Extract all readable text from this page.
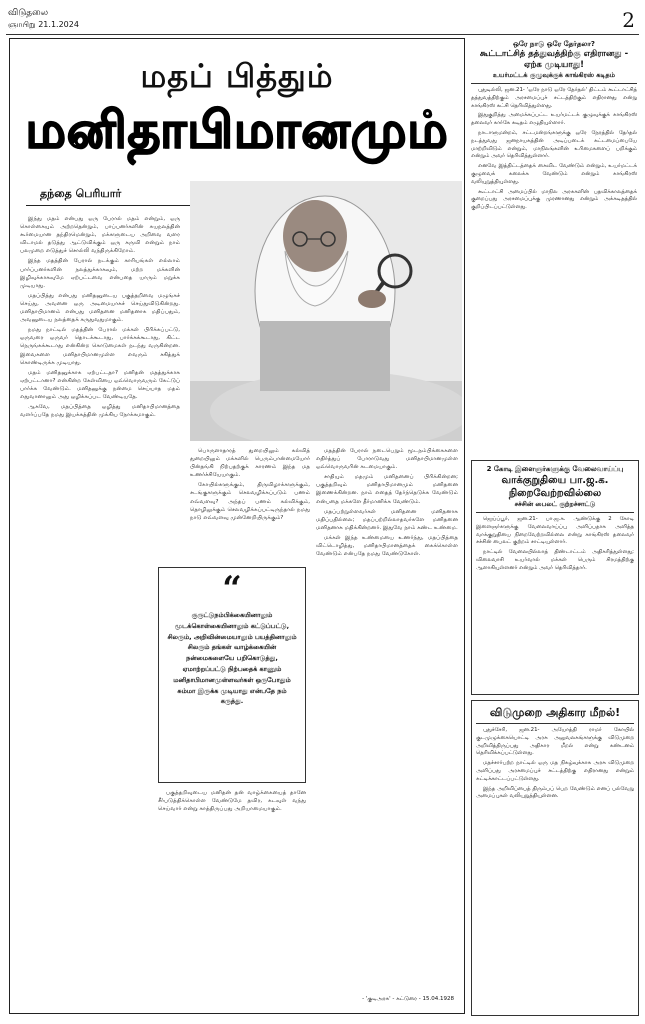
விடுதலை
ஞாயிறு 21.1.2024	2
மதப் பித்தும்
மனிதாபிமானமும்
தந்தை பெரியார்

இந்து மதம் என்பது ஒரு பேரால் மதம் என்றும், ஒரு கொள்கையும் அற்றதென்றும், பாப்பனர்களின் சுயநலத்தின் கூர்மையான தந்திரமென்றும், மக்களுடைய அறிவை வளர விடாமல் தடுத்து ஆட்டுவிக்கும் ஒரு கருவி என்றும் நாம் பலமுறை எடுத்துச் சொல்லி வந்திருக்கிறோம்.

இந்த மதத்தின் பேரால் நடக்கும் காரியங்கள் எல்லாம் பார்ப்பனர்களின் நலத்துக்காகவும், மற்ற மக்களின் இழிவுக்காகவுமே ஏற்பட்டவை என்பதை யாரும் மறுக்க முடியாது.

மதப்பித்து என்பது மனிதனுடைய பகுத்தறிவை மழுங்கச் செய்து, அவனை ஒரு அடிமையாகச் செய்துவிடுகின்றது. மனிதாபிமானம் என்பது மனிதனை மனிதனாக மதிப்பதும், அவனுடைய நலத்தைக் கருதுவதுமாகும்.

நமது நாட்டில் மதத்தின் பேரால் மக்கள் பிரிக்கப்பட்டு, ஒருவரை ஒருவர் தொடக்கூடாது, பார்க்கக்கூடாது, கிட்ட நெருங்கக்கூடாது என்கின்ற கொடுமைகள் நடந்து வருகின்றன. இவைகளை மனிதாபிமானமுள்ள எவரும் சகித்துக் கொண்டிருக்க முடியாது.

மதம் மனிதனுக்காக ஏற்பட்டதா? மனிதன் மதத்துக்காக ஏற்பட்டானா? என்கின்ற கேள்வியை ஒவ்வொருவரும் கேட்டுப் பார்க்க வேண்டும். மனிதனுக்கு நன்மை செய்யாத மதம் எதுவானாலும் அது ஒழிக்கப்பட வேண்டியதே.

ஆகவே, மதப்பித்தை ஒழித்து மனிதாபிமானத்தை வளர்ப்பதே நமது இயக்கத்தின் முக்கிய நோக்கமாகும்.

பொருளாதாரத் துறையிலும் கல்வித் துறையிலும் மக்களில் பெரும்பான்மையோர் பின்தங்கி நிற்பதற்குக் காரணம் இந்த மத உணர்ச்சியேயாகும்.

கோயில்களுக்கும், திருவிழாக்களுக்கும், சடங்குகளுக்கும் செலவழிக்கப்படும் பணம் எவ்வளவு? அந்தப் பணம் கல்விக்கும், தொழிலுக்கும் செலவழிக்கப்பட்டிருந்தால் நமது நாடு எவ்வளவு முன்னேறியிருக்கும்?

பகுத்தறிவுடைய மனிதன் தன் வாழ்க்கையைத் தானே சீர்படுத்திக்கொள்ள வேண்டுமே தவிர, கடவுள் வந்து செய்வார் என்று காத்திருப்பது அறியாமையாகும்.

மதத்தின் பேரால் நடைபெறும் மூடநம்பிக்கைகளை எதிர்த்துப் போராடுவது மனிதாபிமானமுள்ள ஒவ்வொருவரின் கடமையாகும்.

சாதியும் மதமும் மனிதனைப் பிரிக்கின்றன; பகுத்தறிவும் மனிதாபிமானமும் மனிதனை இணைக்கின்றன. நாம் எதைத் தேர்ந்தெடுக்க வேண்டும் என்பதை மக்களே தீர்மானிக்க வேண்டும்.

மதப்பற்றுள்ளவர்கள் மனிதனை மனிதனாக மதிப்பதில்லை; மதப்பற்றில்லாதவர்களே மனிதனை மனிதனாக மதிக்கின்றனர். இதுவே நாம் கண்ட உண்மை.

மக்கள் இந்த உண்மையை உணர்ந்து, மதப்பித்தை விட்டொழித்து, மனிதாபிமானத்தைக் கைக்கொள்ள வேண்டும் என்பதே நமது வேண்டுகோள்.

“
குருட்டுநம்பிக்கையினாலும் மூடக்கொள்கையினாலும் கட்டுப்பட்டு, சிலரும், அறிவின்மையாலும் பயத்தினாலும் சிலரும் தங்கள் வாழ்க்கையின் நன்மைகளையே பறிகொடுத்து, ஏமாற்றப்பட்டு நிற்பதைக் காணும் மனிதாபிமானமுள்ளவர்கள் ஒருபோதும் சும்மா இருக்க முடியாது என்பதே நம் கருத்து.
- 'குடிஅரசு' - கட்டுரை - 15.04.1928
ஒரே நாடு ஒரே தேர்தலா?
கூட்டாட்சித் தத்துவத்திற்கு எதிரானது - ஏற்க முடியாது!
உயர்மட்டக் குழுவுக்குக் காங்கிரஸ் கடிதம்

புதுடில்லி, ஜன.21- 'ஒரே நாடு ஒரே தேர்தல்' திட்டம் கூட்டாட்சித் தத்துவத்திற்கும் அரசமைப்புச் சட்டத்திற்கும் எதிரானது என்று காங்கிரஸ் கட்சி தெரிவித்துள்ளது.

இதுகுறித்து அமைக்கப்பட்ட உயர்மட்டக் குழுவுக்குக் காங்கிரஸ் தலைவர் கார்கே கடிதம் எழுதியுள்ளார்.

நாடாளுமன்றம், சட்டமன்றங்களுக்கு ஒரே நேரத்தில் தேர்தல் நடத்துவது ஜனநாயகத்தின் அடிப்படைக் கட்டமைப்பையே மாற்றிவிடும் என்றும், மாநிலங்களின் உரிமைகளைப் பறிக்கும் என்றும் அவர் தெரிவித்துள்ளார்.

எனவே இத்திட்டத்தைக் கைவிட வேண்டும் என்றும், உயர்மட்டக் குழுவைக் கலைக்க வேண்டும் என்றும் காங்கிரஸ் வலியுறுத்தியுள்ளது.

கூட்டாட்சி அமைப்பில் மாநில அரசுகளின் பதவிக்காலத்தைக் குறைப்பது அரசமைப்புக்கு முரணானது என்றும் அக்கடிதத்தில் குறிப்பிடப்பட்டுள்ளது.

2 கோடி இளைஞர்களுக்கு வேலைவாய்ப்பு
வாக்குறுதியை பா.ஜ.க. நிறைவேற்றவில்லை
சச்சின் பைலட் குற்றச்சாட்டு

ஜெய்ப்பூர், ஜன.21- பா.ஜ.க. ஆண்டுக்கு 2 கோடி இளைஞர்களுக்கு வேலைவாய்ப்பு அளிப்பதாக அளித்த வாக்குறுதியை நிறைவேற்றவில்லை என்று காங்கிரஸ் தலைவர் சச்சின் பைலட் குற்றம் சாட்டியுள்ளார்.

நாட்டில் வேலையில்லாத் திண்டாட்டம் அதிகரித்துள்ளது; விலைவாசி உயர்வால் மக்கள் பெரும் சிரமத்திற்கு ஆளாகியுள்ளனர் என்றும் அவர் தெரிவித்தார்.

விடுமுறை அதிகார மீறல்!

புதுச்சேரி, ஜன.21- அயோத்தி ராமர் கோயில் குடமுழுக்கையொட்டி அரசு அலுவலகங்களுக்கு விடுமுறை அறிவித்திருப்பது அதிகார மீறல் என்று கண்டனம் தெரிவிக்கப்பட்டுள்ளது.

மதச்சார்பற்ற நாட்டில் ஒரு மத நிகழ்வுக்காக அரசு விடுமுறை அளிப்பது அரசமைப்புச் சட்டத்திற்கு எதிரானது என்றும் சுட்டிக்காட்டப்பட்டுள்ளது.

இந்த அறிவிப்பைத் திரும்பப் பெற வேண்டும் எனப் பல்வேறு அமைப்புகள் வலியுறுத்தியுள்ளன.
